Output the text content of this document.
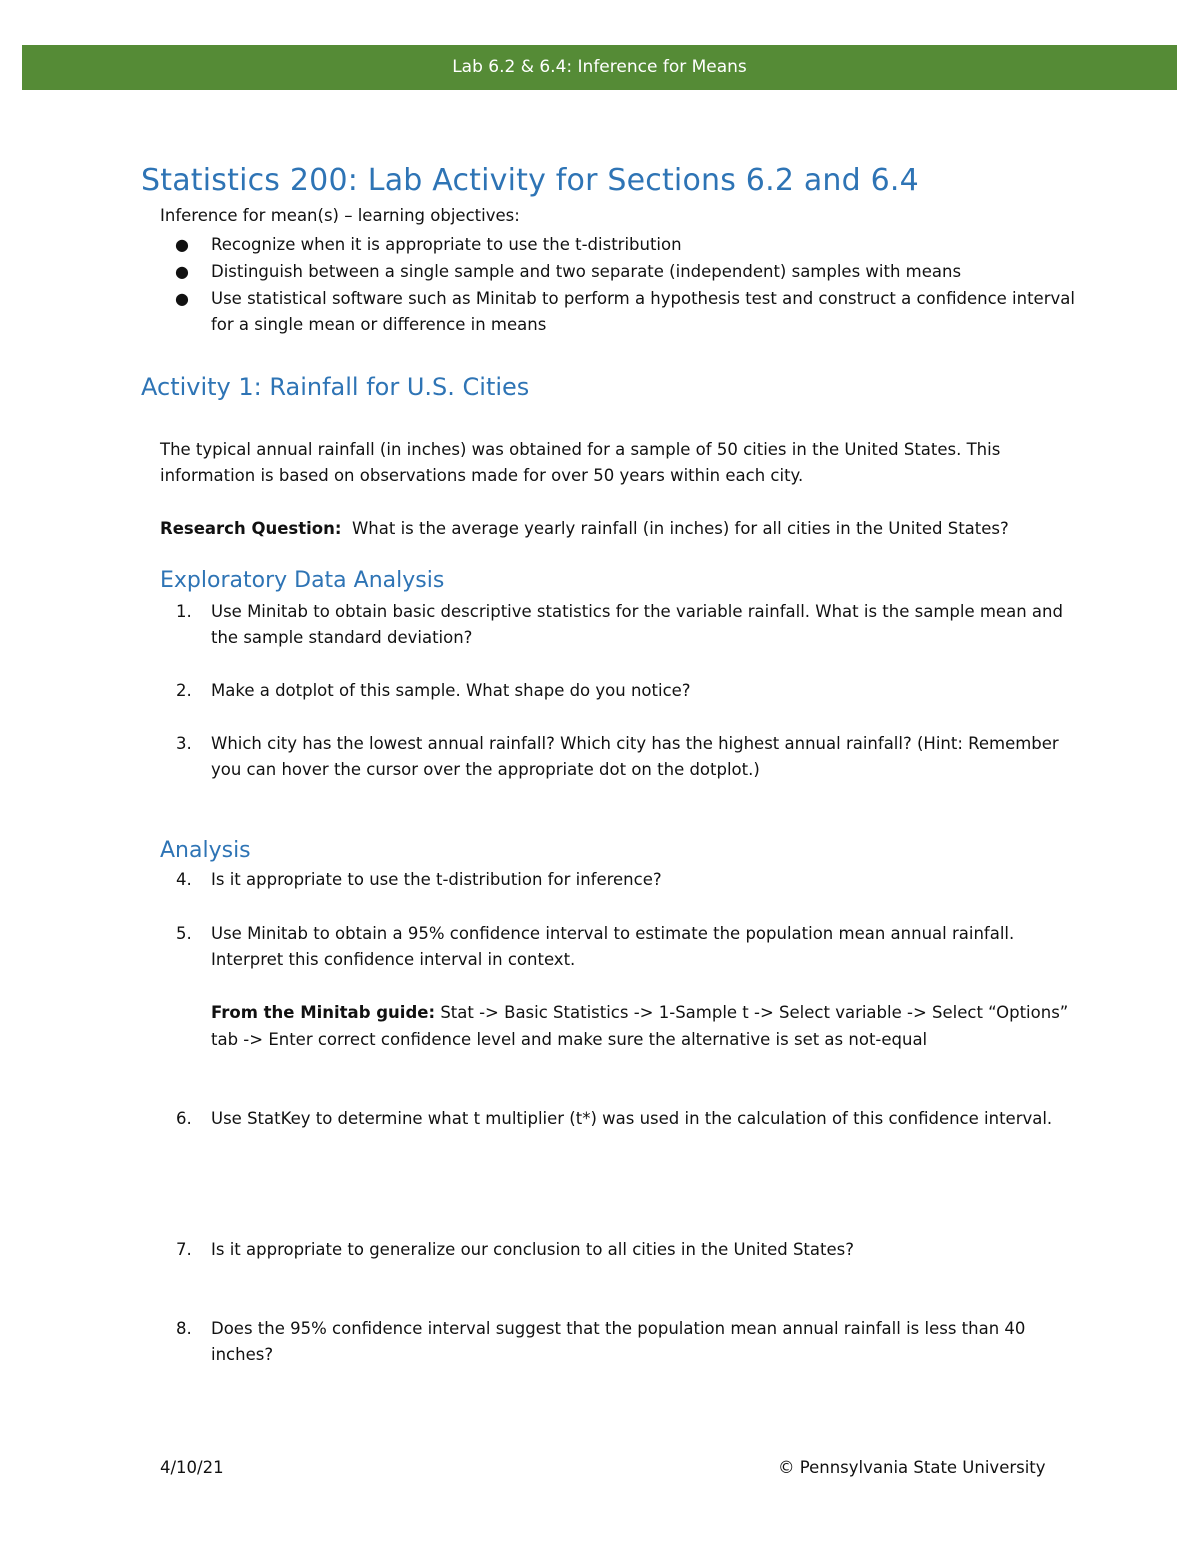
Lab 6.2 & 6.4: Inference for Means
Statistics 200: Lab Activity for Sections 6.2 and 6.4
Inference for mean(s) – learning objectives:
● Recognize when it is appropriate to use the t-distribution
● Distinguish between a single sample and two separate (independent) samples with means
● Use statistical software such as Minitab to perform a hypothesis test and construct a confidence interval for a single mean or difference in means
Activity 1: Rainfall for U.S. Cities

The typical annual rainfall (in inches) was obtained for a sample of 50 cities in the United States. This information is based on observations made for over 50 years within each city.

Research Question: What is the average yearly rainfall (in inches) for all cities in the United States?

Exploratory Data Analysis
1. Use Minitab to obtain basic descriptive statistics for the variable rainfall. What is the sample mean and the sample standard deviation?
2. Make a dotplot of this sample. What shape do you notice?
3. Which city has the lowest annual rainfall? Which city has the highest annual rainfall? (Hint: Remember you can hover the cursor over the appropriate dot on the dotplot.)
Analysis
4. Is it appropriate to use the t-distribution for inference?
5. Use Minitab to obtain a 95% confidence interval to estimate the population mean annual rainfall. Interpret this confidence interval in context.
From the Minitab guide: Stat -> Basic Statistics -> 1-Sample t -> Select variable -> Select “Options” tab -> Enter correct confidence level and make sure the alternative is set as not-equal
6. Use StatKey to determine what t multiplier (t*) was used in the calculation of this confidence interval.
7. Is it appropriate to generalize our conclusion to all cities in the United States?
8. Does the 95% confidence interval suggest that the population mean annual rainfall is less than 40 inches?
4/10/21	© Pennsylvania State University
